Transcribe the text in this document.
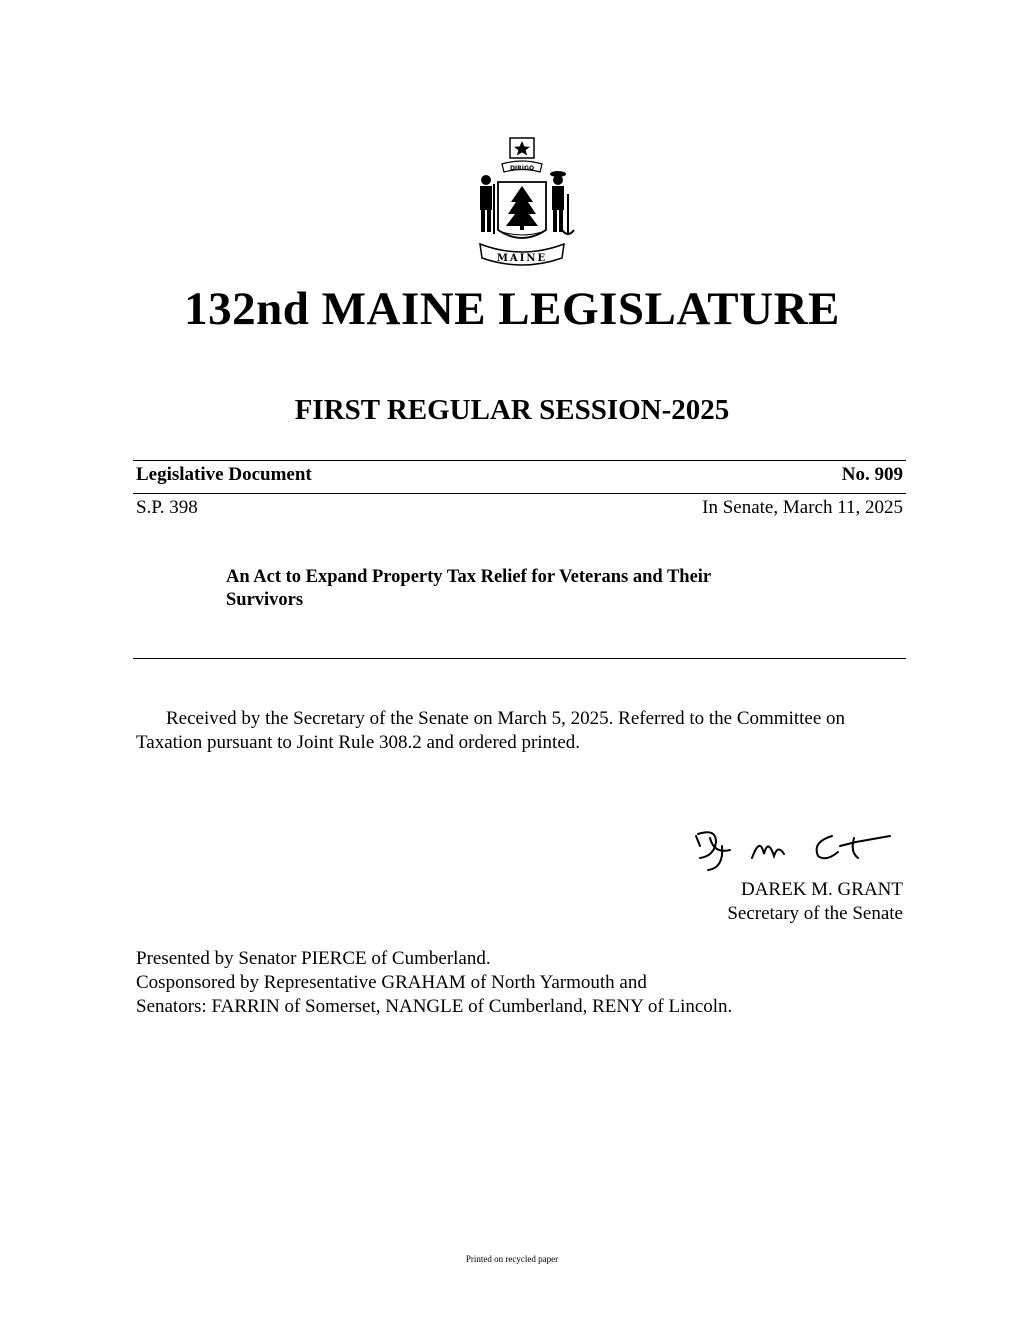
DIRIGO
MAINE
132nd MAINE LEGISLATURE
FIRST REGULAR SESSION-2025
Legislative Document	No. 909
S.P. 398	In Senate, March 11, 2025
An Act to Expand Property Tax Relief for Veterans and Their
Survivors
Received by the Secretary of the Senate on March 5, 2025. Referred to the Committee on Taxation pursuant to Joint Rule 308.2 and ordered printed.
DAREK M. GRANT
Secretary of the Senate
Presented by Senator PIERCE of Cumberland.
Cosponsored by Representative GRAHAM of North Yarmouth and
Senators: FARRIN of Somerset, NANGLE of Cumberland, RENY of Lincoln.
Printed on recycled paper
